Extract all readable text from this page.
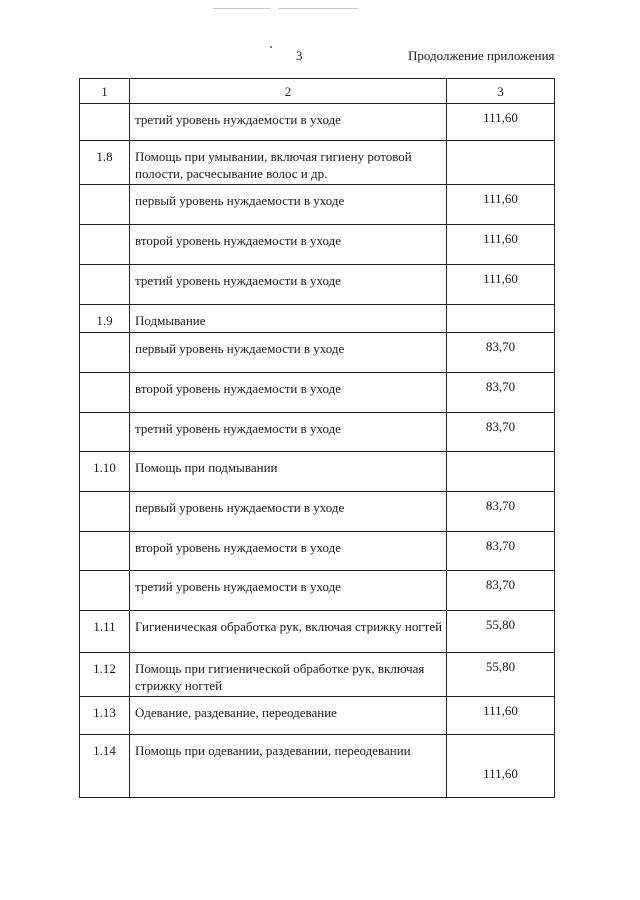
3	Продолжение приложения
1	2	3
	третий уровень нуждаемости в уходе	111,60
1.8	Помощь при умывании, включая гигиену ротовой полости, расчесывание волос и др.	
	первый уровень нуждаемости в уходе	111,60
	второй уровень нуждаемости в уходе	111,60
	третий уровень нуждаемости в уходе	111,60
1.9	Подмывание	
	первый уровень нуждаемости в уходе	83,70
	второй уровень нуждаемости в уходе	83,70
	третий уровень нуждаемости в уходе	83,70
1.10	Помощь при подмывании	
	первый уровень нуждаемости в уходе	83,70
	второй уровень нуждаемости в уходе	83,70
	третий уровень нуждаемости в уходе	83,70
1.11	Гигиеническая обработка рук, включая стрижку ногтей	55,80
1.12	Помощь при гигиенической обработке рук, включая стрижку ногтей	55,80
1.13	Одевание, раздевание, переодевание	111,60
1.14	Помощь при одевании, раздевании, переодевании	111,60
